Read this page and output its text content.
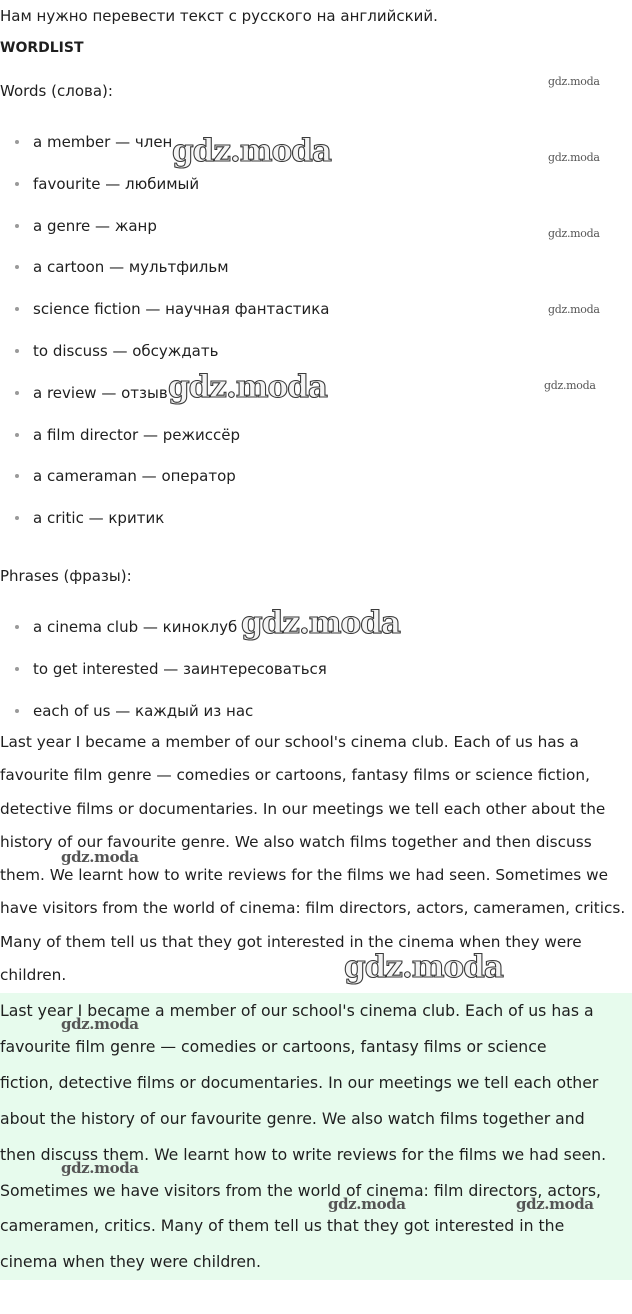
Нам нужно перевести текст с русского на английский.
WORDLIST
Words (слова):
a member — член
favourite — любимый
a genre — жанр
a cartoon — мультфильм
science fiction — научная фантастика
to discuss — обсуждать
a review — отзыв
a film director — режиссёр
a cameraman — оператор
a critic — критик
Phrases (фразы):
a cinema club — киноклуб
to get interested — заинтересоваться
each of us — каждый из нас
Last year I became a member of our school's cinema club. Each of us has a
favourite film genre — comedies or cartoons, fantasy films or science fiction,
detective films or documentaries. In our meetings we tell each other about the
history of our favourite genre. We also watch films together and then discuss
them. We learnt how to write reviews for the films we had seen. Sometimes we
have visitors from the world of cinema: film directors, actors, cameramen, critics.
Many of them tell us that they got interested in the cinema when they were
children.
Last year I became a member of our school's cinema club. Each of us has a
favourite film genre — comedies or cartoons, fantasy films or science
fiction, detective films or documentaries. In our meetings we tell each other
about the history of our favourite genre. We also watch films together and
then discuss them. We learnt how to write reviews for the films we had seen.
Sometimes we have visitors from the world of cinema: film directors, actors,
cameramen, critics. Many of them tell us that they got interested in the
cinema when they were children.
gdz.moda
gdz.moda
gdz.moda
gdz.moda
gdz.moda
gdz.moda
gdz.moda
gdz.moda
gdz.moda
gdz.moda
gdz.moda
gdz.moda
gdz.moda	gdz.moda
